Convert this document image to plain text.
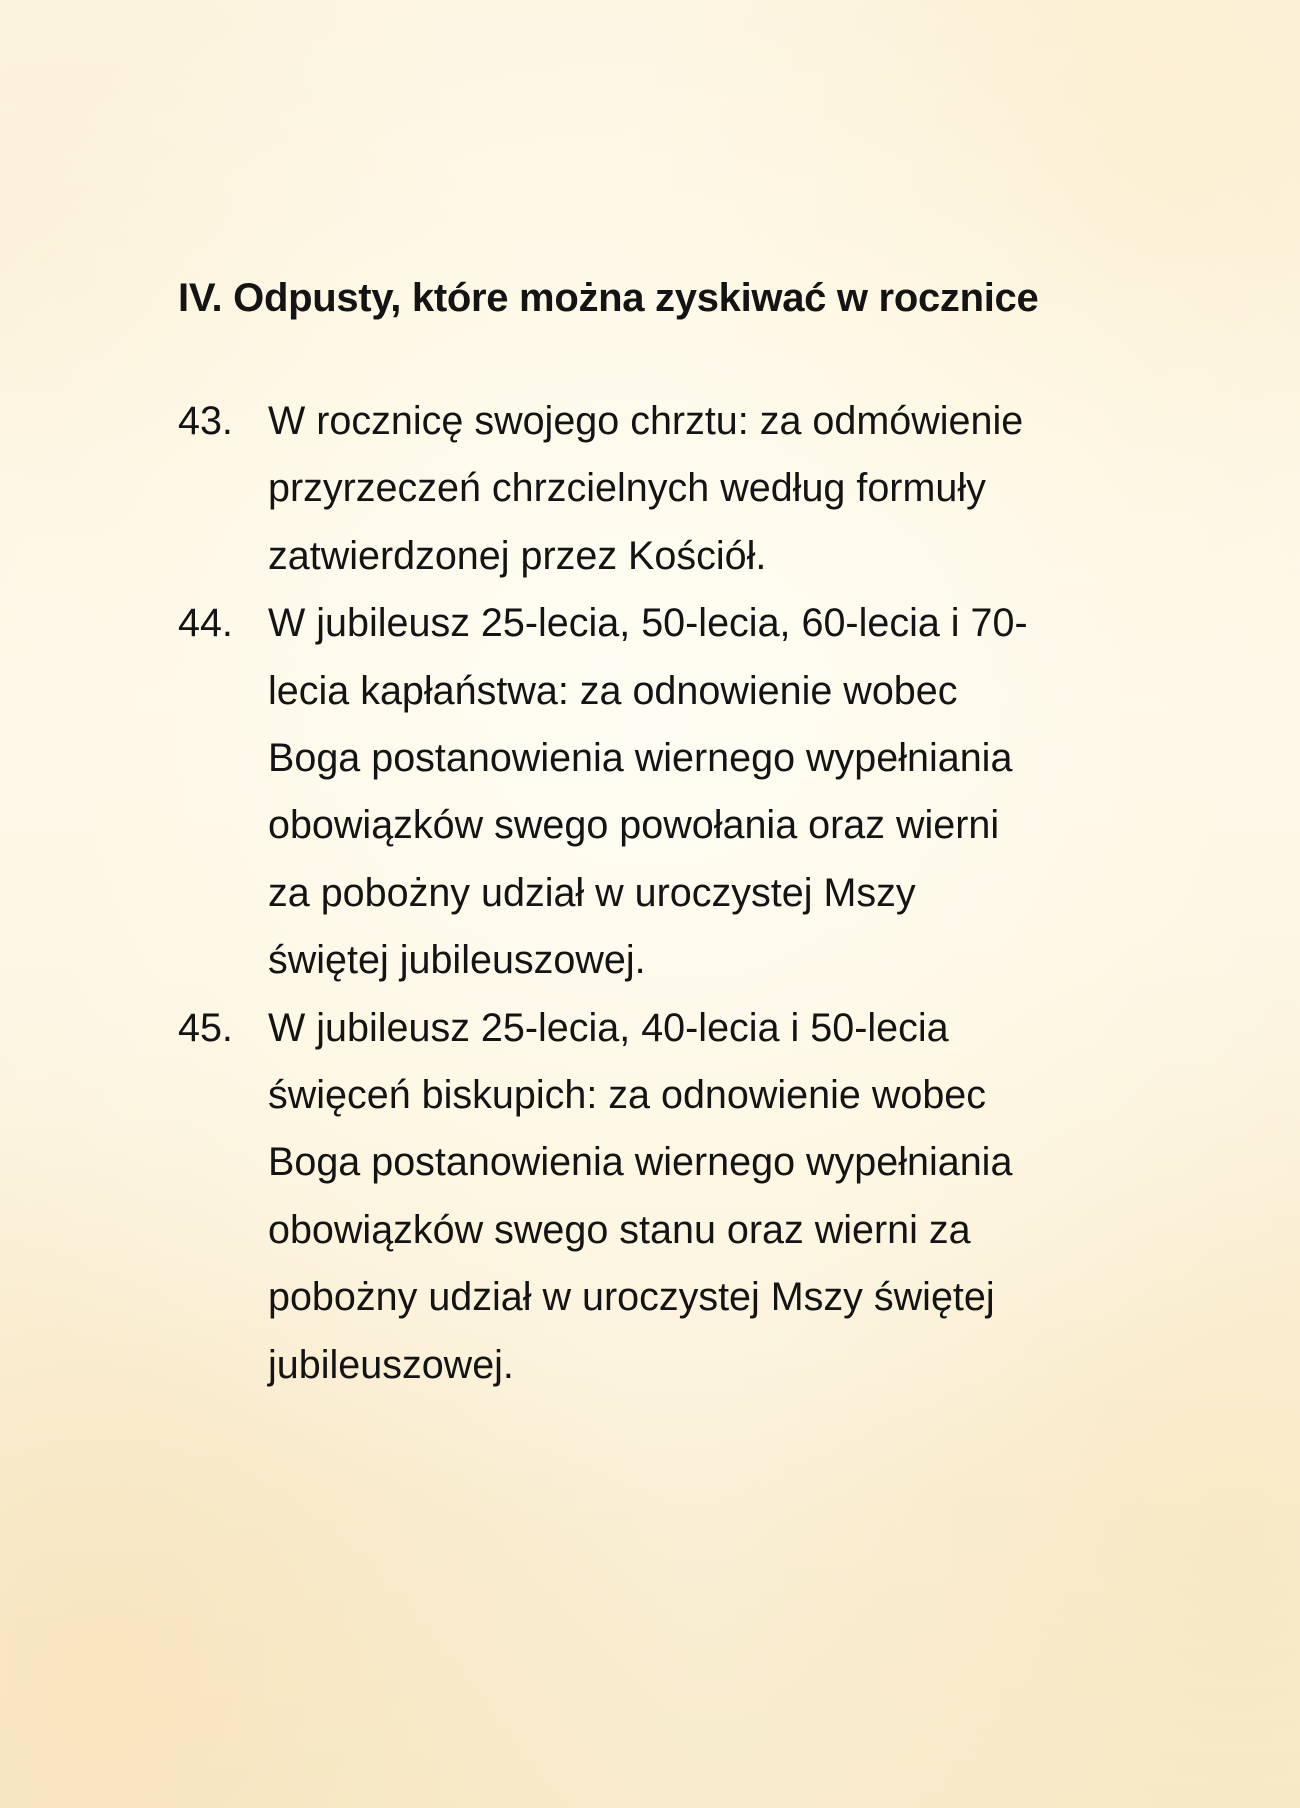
IV. Odpusty, które można zyskiwać w rocznice
43. W rocznicę swojego chrztu: za odmówienie
przyrzeczeń chrzcielnych według formuły
zatwierdzonej przez Kościół.
44. W jubileusz 25-lecia, 50-lecia, 60-lecia i 70-
lecia kapłaństwa: za odnowienie wobec
Boga postanowienia wiernego wypełniania
obowiązków swego powołania oraz wierni
za pobożny udział w uroczystej Mszy
świętej jubileuszowej.
45. W jubileusz 25-lecia, 40-lecia i 50-lecia
święceń biskupich: za odnowienie wobec
Boga postanowienia wiernego wypełniania
obowiązków swego stanu oraz wierni za
pobożny udział w uroczystej Mszy świętej
jubileuszowej.
